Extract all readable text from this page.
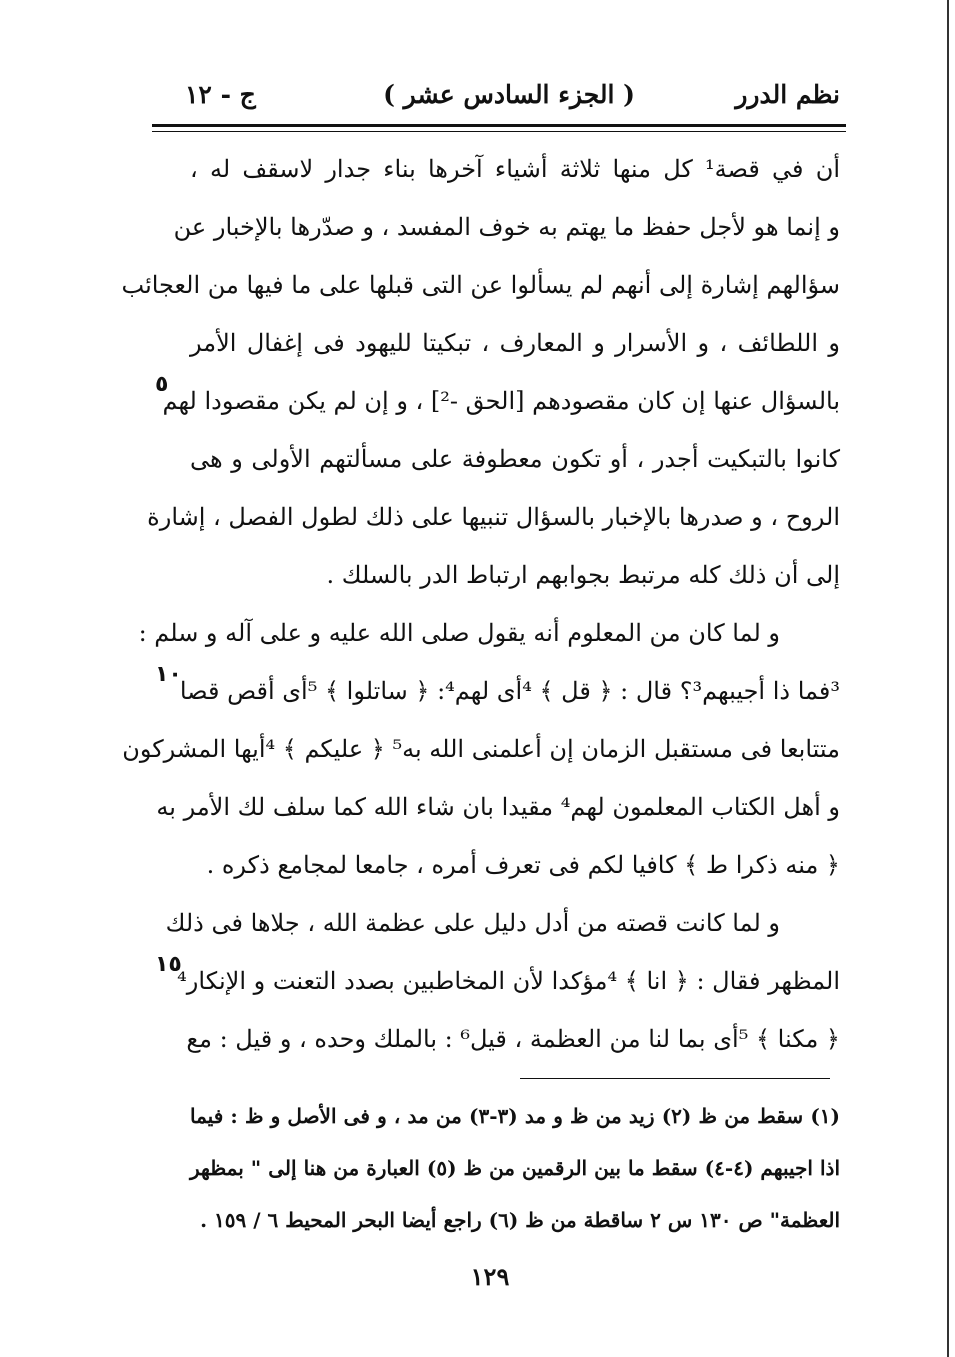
نظم الدرر
( الجزء السادس عشر )
ج - ١٢
أن في قصة¹ كل منها ثلاثة أشياء آخرها بناء جدار لاسقف له ،
و إنما هو لأجل حفظ ما يهتم به خوف المفسد ، و صدّرها بالإخبار عن
سؤالهم إشارة إلى أنهم لم يسألوا عن التى قبلها على ما فيها من العجائب
و اللطائف ، و الأسرار و المعارف ، تبكيتا لليهود فى إغفال الأمر
بالسؤال عنها إن كان مقصودهم [الحق -²] ، و إن لم يكن مقصودا لهم
كانوا بالتبكيت أجدر ، أو تكون معطوفة على مسألتهم الأولى و هى
الروح ، و صدرها بالإخبار بالسؤال تنبيها على ذلك لطول الفصل ، إشارة
إلى أن ذلك كله مرتبط بجوابهم ارتباط الدر بالسلك .
و لما كان من المعلوم أنه يقول صلى الله عليه و على آله و سلم :
³فما ذا أجيبهم³؟ قال : ﴿ قل ﴾ ⁴أى لهم⁴: ﴿ ساتلوا ﴾ ⁵أى أقص قصا
متتابعا فى مستقبل الزمان إن أعلمنى الله به⁵ ﴿ عليكم ﴾ ⁴أيها المشركون
و أهل الكتاب المعلمون لهم⁴ مقيدا بان شاء الله كما سلف لك الأمر به
﴿ منه ذكرا ط ﴾ كافيا لكم فى تعرف أمره ، جامعا لمجامع ذكره .
و لما كانت قصته من أدل دليل على عظمة الله ، جلاها فى ذلك
المظهر فقال : ﴿ انا ﴾ ⁴مؤكدا لأن المخاطبين بصدد التعنت و الإنكار⁴
﴿ مكنا ﴾ ⁵أى بما لنا من العظمة ، قيل⁶ : بالملك وحده ، و قيل : مع
٥
١٠
١٥
(١) سقط من ظ (٢) زيد من ظ و مد (٣-٣) من مد ، و فى الأصل و ظ : فيما
اذا اجيبهم (٤-٤) سقط ما بين الرقمين من ظ (٥) العبارة من هنا إلى " بمظهر
العظمة" ص ١٣٠ س ٢ ساقطة من ظ (٦) راجع أيضا البحر المحيط ٦ / ١٥٩ .
١٢٩
